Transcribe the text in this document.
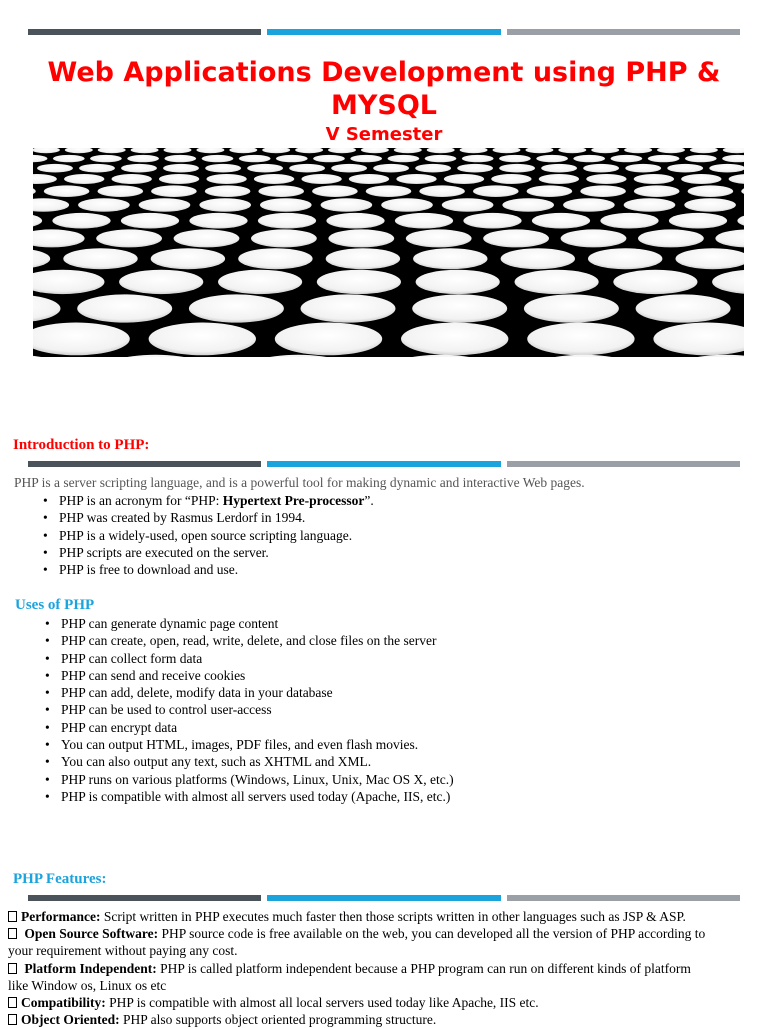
Web Applications Development using PHP & MYSQL
V Semester
Introduction to PHP:
PHP is a server scripting language, and is a powerful tool for making dynamic and interactive Web pages.
• PHP is an acronym for “PHP: Hypertext Pre-processor”.
• PHP was created by Rasmus Lerdorf in 1994.
• PHP is a widely-used, open source scripting language.
• PHP scripts are executed on the server.
• PHP is free to download and use.
Uses of PHP
• PHP can generate dynamic page content
• PHP can create, open, read, write, delete, and close files on the server
• PHP can collect form data
• PHP can send and receive cookies
• PHP can add, delete, modify data in your database
• PHP can be used to control user-access
• PHP can encrypt data
• You can output HTML, images, PDF files, and even flash movies.
• You can also output any text, such as XHTML and XML.
• PHP runs on various platforms (Windows, Linux, Unix, Mac OS X, etc.)
• PHP is compatible with almost all servers used today (Apache, IIS, etc.)
PHP Features:
Performance: Script written in PHP executes much faster then those scripts written in other languages such as JSP & ASP.
Open Source Software: PHP source code is free available on the web, you can developed all the version of PHP according to
your requirement without paying any cost.
Platform Independent: PHP is called platform independent because a PHP program can run on different kinds of platform
like Window os, Linux os etc
Compatibility: PHP is compatible with almost all local servers used today like Apache, IIS etc.
Object Oriented: PHP also supports object oriented programming structure.
